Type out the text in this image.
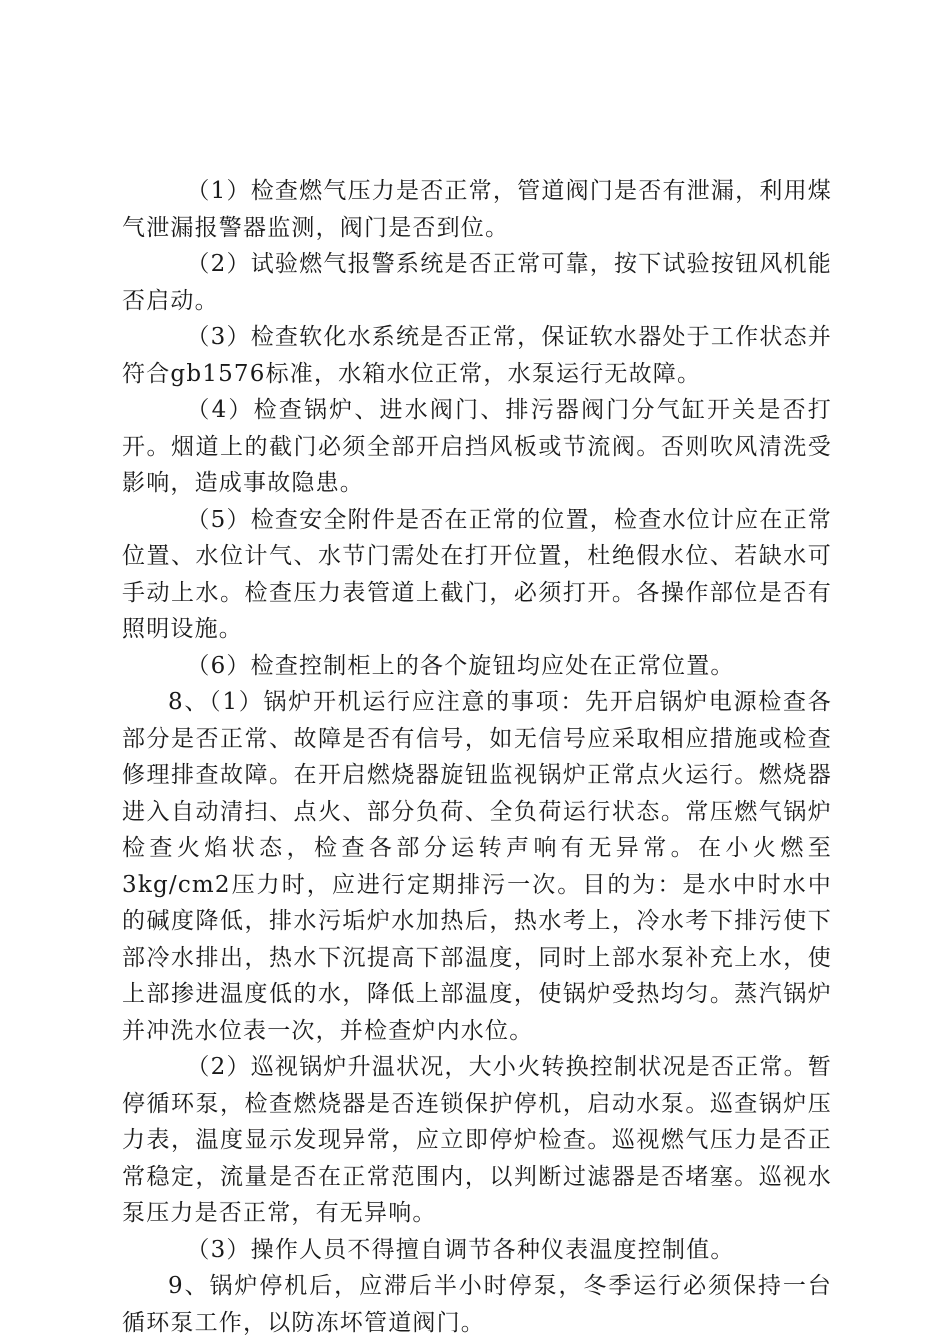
（1）检查燃气压力是否正常，管道阀门是否有泄漏，利用煤气泄漏报警器监测，阀门是否到位。

（2）试验燃气报警系统是否正常可靠，按下试验按钮风机能否启动。

（3）检查软化水系统是否正常，保证软水器处于工作状态并符合gb1576标准，水箱水位正常，水泵运行无故障。

（4）检查锅炉、进水阀门、排污器阀门分气缸开关是否打开。烟道上的截门必须全部开启挡风板或节流阀。否则吹风清洗受影响，造成事故隐患。

（5）检查安全附件是否在正常的位置，检查水位计应在正常位置、水位计气、水节门需处在打开位置，杜绝假水位、若缺水可手动上水。检查压力表管道上截门，必须打开。各操作部位是否有照明设施。

（6）检查控制柜上的各个旋钮均应处在正常位置。

8、（1）锅炉开机运行应注意的事项：先开启锅炉电源检查各部分是否正常、故障是否有信号，如无信号应采取相应措施或检查修理排查故障。在开启燃烧器旋钮监视锅炉正常点火运行。燃烧器进入自动清扫、点火、部分负荷、全负荷运行状态。常压燃气锅炉检查火焰状态，检查各部分运转声响有无异常。在小火燃至3kg/cm2压力时，应进行定期排污一次。目的为：是水中时水中的碱度降低，排水污垢炉水加热后，热水考上，冷水考下排污使下部冷水排出，热水下沉提高下部温度，同时上部水泵补充上水，使上部掺进温度低的水，降低上部温度，使锅炉受热均匀。蒸汽锅炉并冲洗水位表一次，并检查炉内水位。

（2）巡视锅炉升温状况，大小火转换控制状况是否正常。暂停循环泵，检查燃烧器是否连锁保护停机，启动水泵。巡查锅炉压力表，温度显示发现异常，应立即停炉检查。巡视燃气压力是否正常稳定，流量是否在正常范围内，以判断过滤器是否堵塞。巡视水泵压力是否正常，有无异响。

（3）操作人员不得擅自调节各种仪表温度控制值。

9、锅炉停机后，应滞后半小时停泵，冬季运行必须保持一台循环泵工作，以防冻坏管道阀门。
